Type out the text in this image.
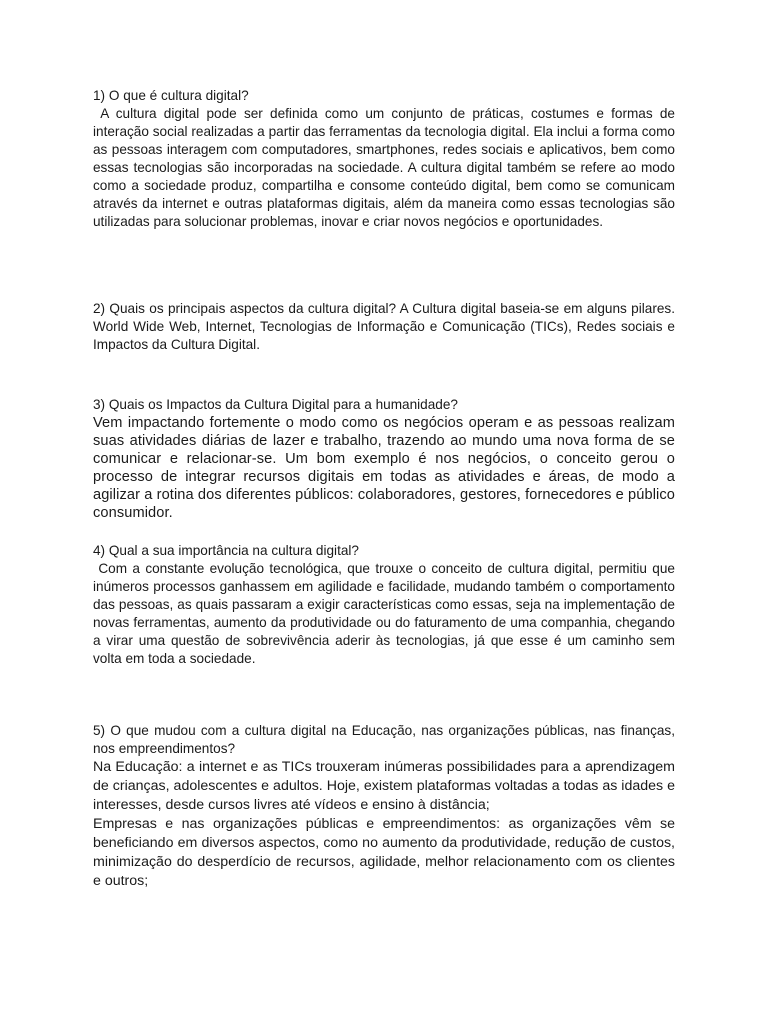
1) O que é cultura digital?

A cultura digital pode ser definida como um conjunto de práticas, costumes e formas de interação social realizadas a partir das ferramentas da tecnologia digital. Ela inclui a forma como as pessoas interagem com computadores, smartphones, redes sociais e aplicativos, bem como essas tecnologias são incorporadas na sociedade. A cultura digital também se refere ao modo como a sociedade produz, compartilha e consome conteúdo digital, bem como se comunicam através da internet e outras plataformas digitais, além da maneira como essas tecnologias são utilizadas para solucionar problemas, inovar e criar novos negócios e oportunidades.

2) Quais os principais aspectos da cultura digital? A Cultura digital baseia-se em alguns pilares. World Wide Web, Internet, Tecnologias de Informação e Comunicação (TICs), Redes sociais e Impactos da Cultura Digital.

3) Quais os Impactos da Cultura Digital para a humanidade?

Vem impactando fortemente o modo como os negócios operam e as pessoas realizam suas atividades diárias de lazer e trabalho, trazendo ao mundo uma nova forma de se comunicar e relacionar-se. Um bom exemplo é nos negócios, o conceito gerou o processo de integrar recursos digitais em todas as atividades e áreas, de modo a agilizar a rotina dos diferentes públicos: colaboradores, gestores, fornecedores e público consumidor.

4) Qual a sua importância na cultura digital?

Com a constante evolução tecnológica, que trouxe o conceito de cultura digital, permitiu que inúmeros processos ganhassem em agilidade e facilidade, mudando também o comportamento das pessoas, as quais passaram a exigir características como essas, seja na implementação de novas ferramentas, aumento da produtividade ou do faturamento de uma companhia, chegando a virar uma questão de sobrevivência aderir às tecnologias, já que esse é um caminho sem volta em toda a sociedade.

5) O que mudou com a cultura digital na Educação, nas organizações públicas, nas finanças, nos empreendimentos?

Na Educação: a internet e as TICs trouxeram inúmeras possibilidades para a aprendizagem de crianças, adolescentes e adultos. Hoje, existem plataformas voltadas a todas as idades e interesses, desde cursos livres até vídeos e ensino à distância;

Empresas e nas organizações públicas e empreendimentos: as organizações vêm se beneficiando em diversos aspectos, como no aumento da produtividade, redução de custos, minimização do desperdício de recursos, agilidade, melhor relacionamento com os clientes e outros;
